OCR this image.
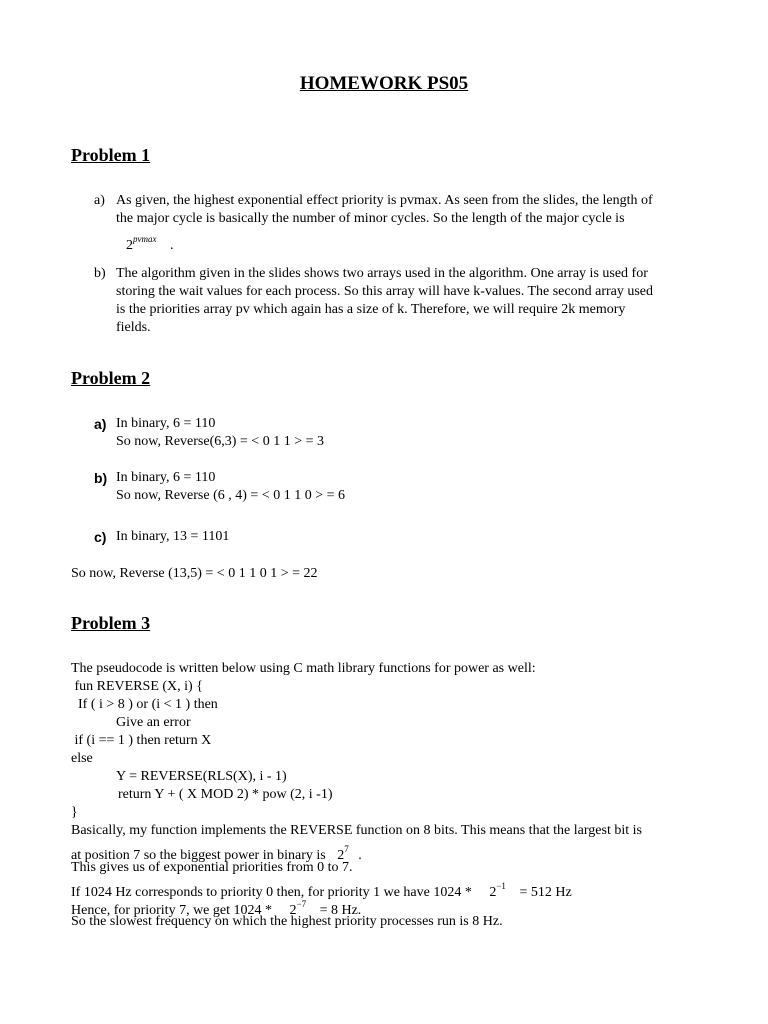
HOMEWORK PS05
Problem 1
a) As given, the highest exponential effect priority is pvmax. As seen from the slides, the length of
the major cycle is basically the number of minor cycles. So the length of the major cycle is
$2^{pvmax}$ .
b) The algorithm given in the slides shows two arrays used in the algorithm. One array is used for
storing the wait values for each process. So this array will have k-values. The second array used
is the priorities array pv which again has a size of k. Therefore, we will require 2k memory
fields.
Problem 2
a) In binary, 6 = 110
So now, Reverse(6,3) = < 0 1 1 > = 3
b) In binary, 6 = 110
So now, Reverse (6 , 4) = < 0 1 1 0 > = 6
c) In binary, 13 = 1101
So now, Reverse (13,5) = < 0 1 1 0 1 > = 22
Problem 3
The pseudocode is written below using C math library functions for power as well:
fun REVERSE (X, i) {
If ( i > 8 ) or (i < 1 ) then
Give an error
if (i == 1 ) then return X
else
Y = REVERSE(RLS(X), i - 1)
return Y + ( X MOD 2) * pow (2, i -1)
}
Basically, my function implements the REVERSE function on 8 bits. This means that the largest bit is
at position 7 so the biggest power in binary is $2^7$ .
This gives us of exponential priorities from 0 to 7.
If 1024 Hz corresponds to priority 0 then, for priority 1 we have $1024 * 2^{-1} = 512$ Hz
Hence, for priority 7, we get $1024 * 2^{-7} = 8$ Hz.
So the slowest frequency on which the highest priority processes run is 8 Hz.
